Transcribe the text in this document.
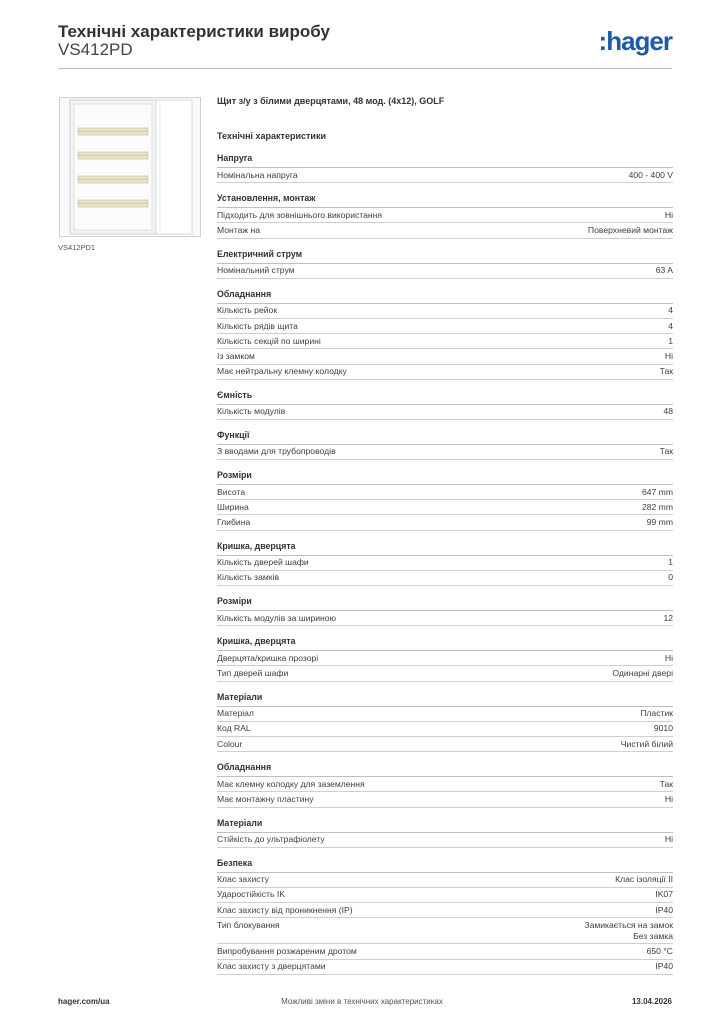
Технічні характеристики виробу
VS412PD	:hager
VS412PD1
Щит з/у з білими дверцятами, 48 мод. (4x12), GOLF
Технічні характеристики
Напруга
Номінальна напруга	400 - 400 V
Установлення, монтаж
Підходить для зовнішнього використання	Ні
Монтаж на	Поверхневий монтаж
Електричний струм
Номінальний струм	63 A
Обладнання
Кількість рейок	4
Кількість рядів щита	4
Кількість секцій по ширині	1
Із замком	Ні
Має нейтральну клемну колодку	Так
Ємність
Кількість модулів	48
Функції
З вводами для трубопроводів	Так
Розміри
Висота	647 mm
Ширина	282 mm
Глибина	99 mm
Кришка, дверцята
Кількість дверей шафи	1
Кількість замків	0
Розміри
Кількість модулів за шириною	12
Кришка, дверцята
Дверцята/кришка прозорі	Ні
Тип дверей шафи	Одинарні двері
Матеріали
Матеріал	Пластик
Код RAL	9010
Colour	Чистий білий
Обладнання
Має клемну колодку для заземлення	Так
Має монтажну пластину	Ні
Матеріали
Стійкість до ультрафіолету	Ні
Безпека
Клас захисту	Клас ізоляції II
Ударостійкість IK	IK07
Клас захисту від проникнення (IP)	IP40
Тип блокування	Замикається на замок
Без замка
Випробування розжареним дротом	650 °C
Клас захисту з дверцятами	IP40
hager.com/ua	Можливі зміни в технічних характеристиках	13.04.2026
